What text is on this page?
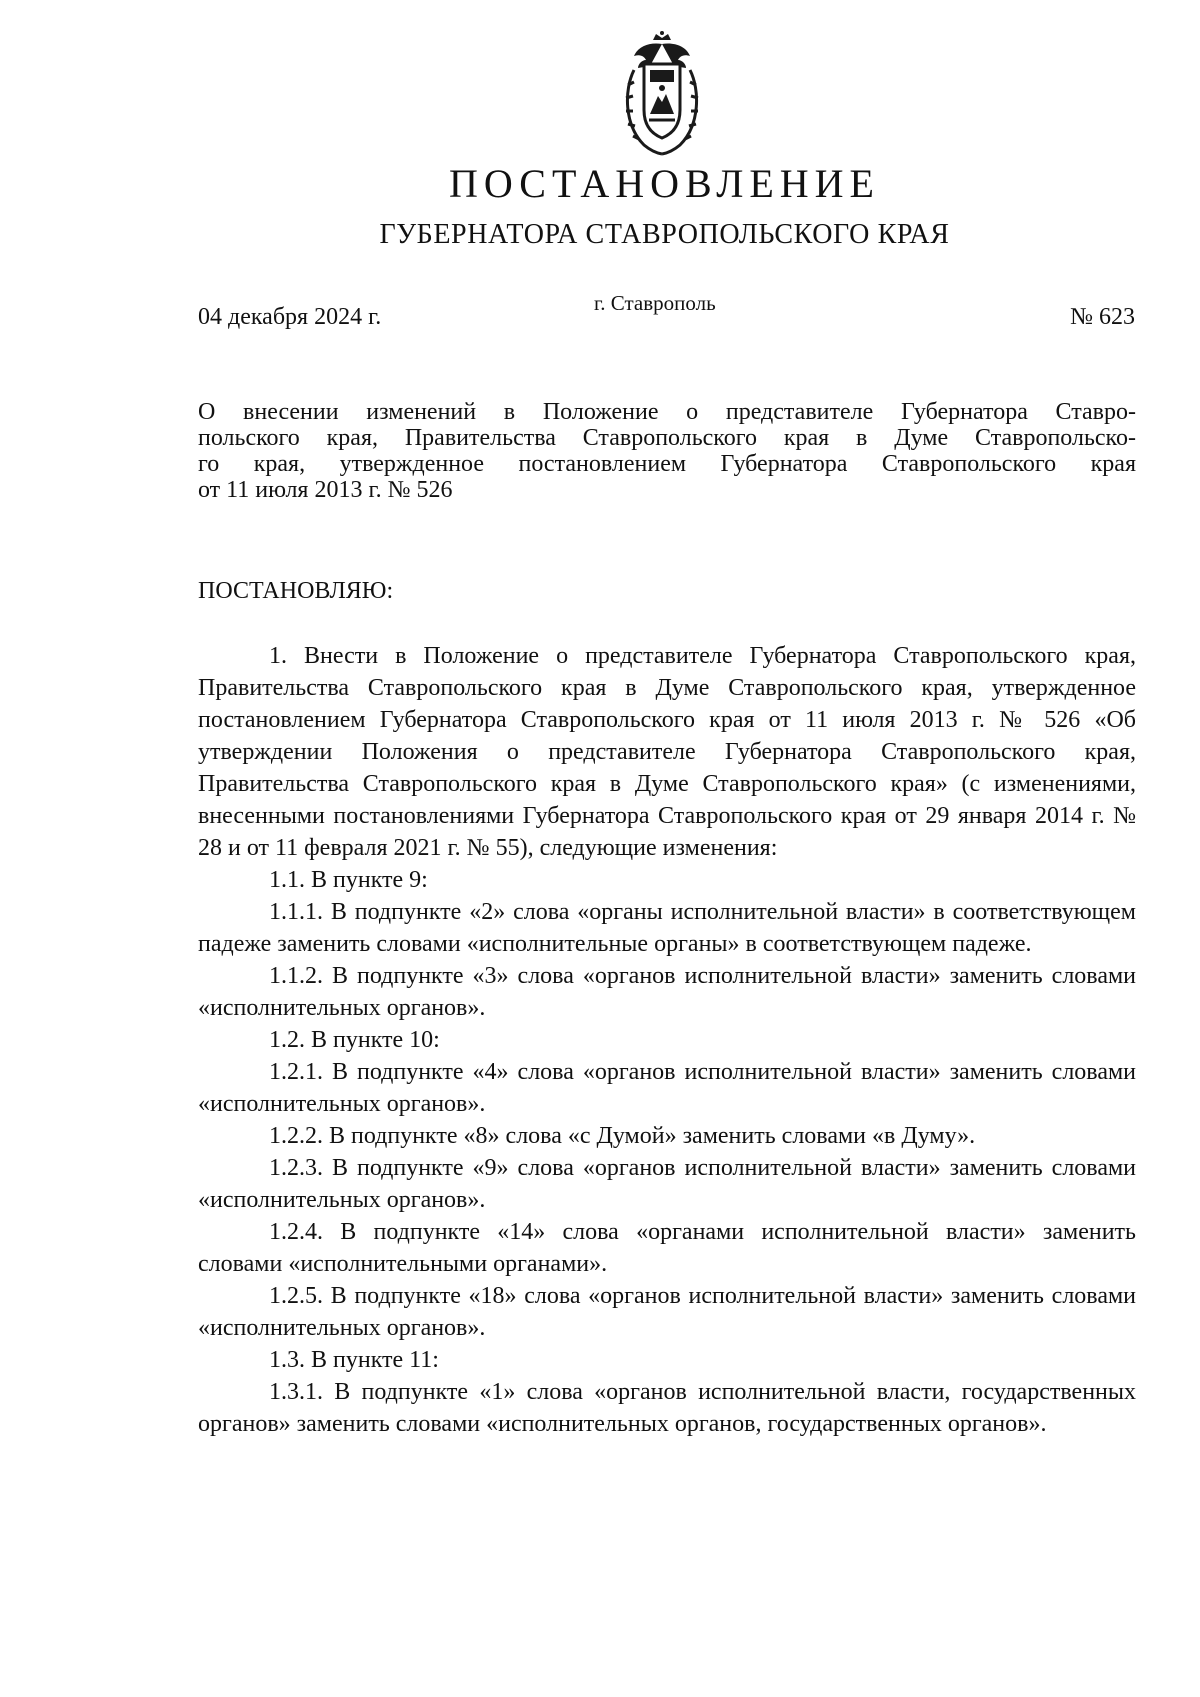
ПОСТАНОВЛЕНИЕ
ГУБЕРНАТОРА СТАВРОПОЛЬСКОГО КРАЯ
04 декабря 2024 г.
г. Ставрополь
№ 623
О внесении изменений в Положение о представителе Губернатора Ставро-
польского края, Правительства Ставропольского края в Думе Ставропольско-
го края, утвержденное постановлением Губернатора Ставропольского края
от 11 июля 2013 г. № 526
ПОСТАНОВЛЯЮ:

1. Внести в Положение о представителе Губернатора Ставропольского края, Правительства Ставропольского края в Думе Ставропольского края, утвержденное постановлением Губернатора Ставропольского края от 11 июля 2013 г. № 526 «Об утверждении Положения о представителе Губернатора Ставропольского края, Правительства Ставропольского края в Думе Ставропольского края» (с изменениями, внесенными постановлениями Губернатора Ставропольского края от 29 января 2014 г. № 28 и от 11 февраля 2021 г. № 55), следующие изменения:

1.1. В пункте 9:

1.1.1. В подпункте «2» слова «органы исполнительной власти» в соответствующем падеже заменить словами «исполнительные органы» в соответствующем падеже.

1.1.2. В подпункте «3» слова «органов исполнительной власти» заменить словами «исполнительных органов».

1.2. В пункте 10:

1.2.1. В подпункте «4» слова «органов исполнительной власти» заменить словами «исполнительных органов».

1.2.2. В подпункте «8» слова «с Думой» заменить словами «в Думу».

1.2.3. В подпункте «9» слова «органов исполнительной власти» заменить словами «исполнительных органов».

1.2.4. В подпункте «14» слова «органами исполнительной власти» заменить словами «исполнительными органами».

1.2.5. В подпункте «18» слова «органов исполнительной власти» заменить словами «исполнительных органов».

1.3. В пункте 11:

1.3.1. В подпункте «1» слова «органов исполнительной власти, государственных органов» заменить словами «исполнительных органов, государственных органов».
